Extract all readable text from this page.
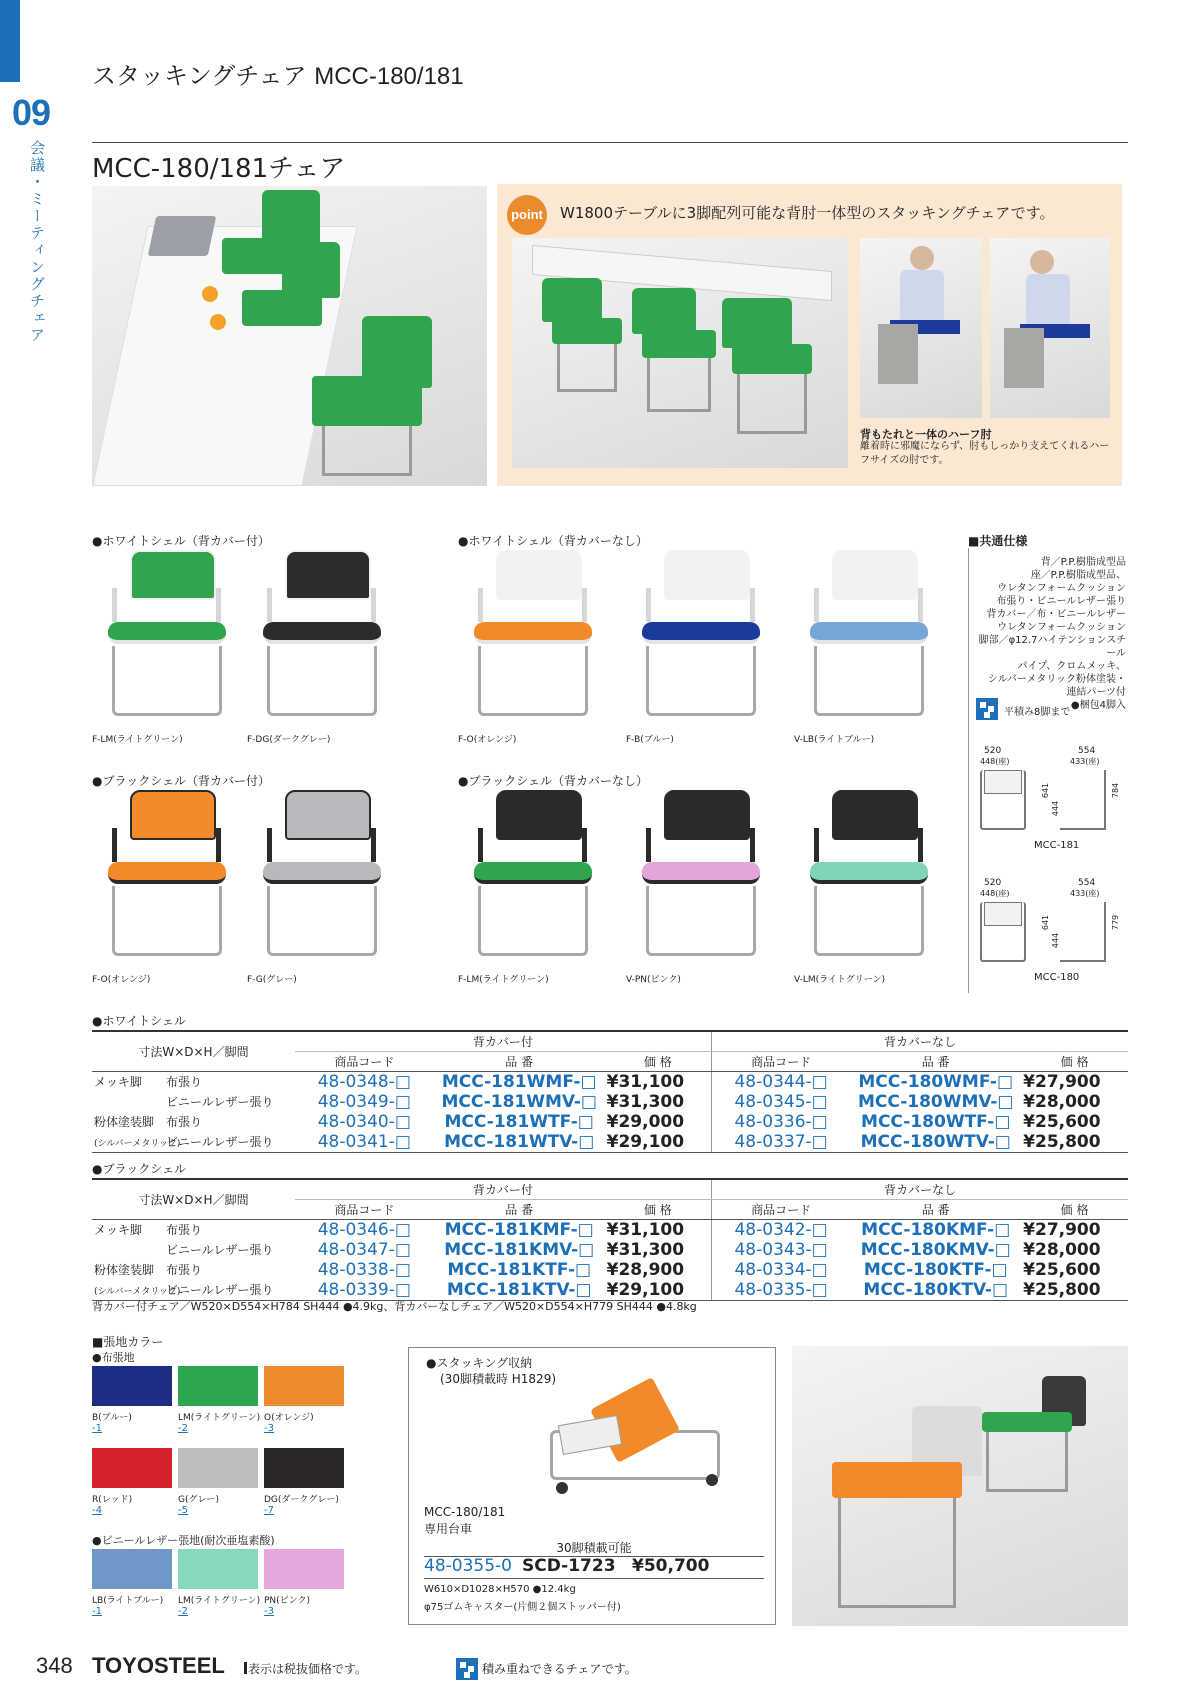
09
会議・ミーティングチェア
スタッキングチェア MCC-180/181
MCC-180/181チェア
point W1800テーブルに3脚配列可能な背肘一体型のスタッキングチェアです。
背もたれと一体のハーフ肘
離着時に邪魔にならず、肘もしっかり支えてくれるハーフサイズの肘です。
●ホワイトシェル（背カバー付）	●ホワイトシェル（背カバーなし）
●ブラックシェル（背カバー付）	●ブラックシェル（背カバーなし）
■共通仕様
背／P.P.樹脂成型品
座／P.P.樹脂成型品、
ウレタンフォームクッション
布張り・ビニールレザー張り
背カバー／布・ビニールレザー
ウレタンフォームクッション
脚部／φ12.7ハイテンションスチール
パイプ、クロムメッキ、
シルバーメタリック粉体塗装・
連結パーツ付
●梱包4脚入
平積み8脚まで
520
448(座)
554
433(座)
641
444
784
MCC-181
520
448(座)
554
433(座)
641
444
779
MCC-180
●ホワイトシェル
寸法W×D×H／脚間	背カバー付			背カバーなし		
	商品コード	品 番	価 格	商品コード	品 番	価 格
メッキ脚 布張り	48-0348-□	MCC-181WMF-□	¥31,100	48-0344-□	MCC-180WMF-□	¥27,900
ビニールレザー張り	48-0349-□	MCC-181WMV-□	¥31,300	48-0345-□	MCC-180WMV-□	¥28,000
粉体塗装脚 布張り	48-0340-□	MCC-181WTF-□	¥29,000	48-0336-□	MCC-180WTF-□	¥25,600
(シルバーメタリック)ビニールレザー張り	48-0341-□	MCC-181WTV-□	¥29,100	48-0337-□	MCC-180WTV-□	¥25,800
●ブラックシェル
寸法W×D×H／脚間	背カバー付			背カバーなし		
	商品コード	品 番	価 格	商品コード	品 番	価 格
メッキ脚 布張り	48-0346-□	MCC-181KMF-□	¥31,100	48-0342-□	MCC-180KMF-□	¥27,900
ビニールレザー張り	48-0347-□	MCC-181KMV-□	¥31,300	48-0343-□	MCC-180KMV-□	¥28,000
粉体塗装脚 布張り	48-0338-□	MCC-181KTF-□	¥28,900	48-0334-□	MCC-180KTF-□	¥25,600
(シルバーメタリック)ビニールレザー張り	48-0339-□	MCC-181KTV-□	¥29,100	48-0335-□	MCC-180KTV-□	¥25,800
背カバー付チェア／W520×D554×H784 SH444 ●4.9kg、背カバーなしチェア／W520×D554×H779 SH444 ●4.8kg
■張地カラー
●布張地
●ビニールレザー張地(耐次亜塩素酸)
B(ブルー)
-1
LM(ライトグリーン)
-2
O(オレンジ)
-3
R(レッド)
-4
G(グレー)
-5
DG(ダークグレー)
-7
LB(ライトブルー)
-1
LM(ライトグリーン)
-2
PN(ピンク)
-3
●スタッキング収納
(30脚積載時 H1829)
MCC-180/181
専用台車
30脚積載可能
48-0355-0 SCD-1723 ¥50,700
W610×D1028×H570 ●12.4kg
φ75ゴムキャスター(片側２個ストッパー付)
348 TOYOSTEEL 表示は税抜価格です。	積み重ねできるチェアです。
F-LM(ライトグリーン)	F-DG(ダークグレー)	F-O(オレンジ)	F-B(ブルー)	V-LB(ライトブルー)
F-O(オレンジ)	F-G(グレー)	F-LM(ライトグリーン)	V-PN(ピンク)	V-LM(ライトグリーン)
